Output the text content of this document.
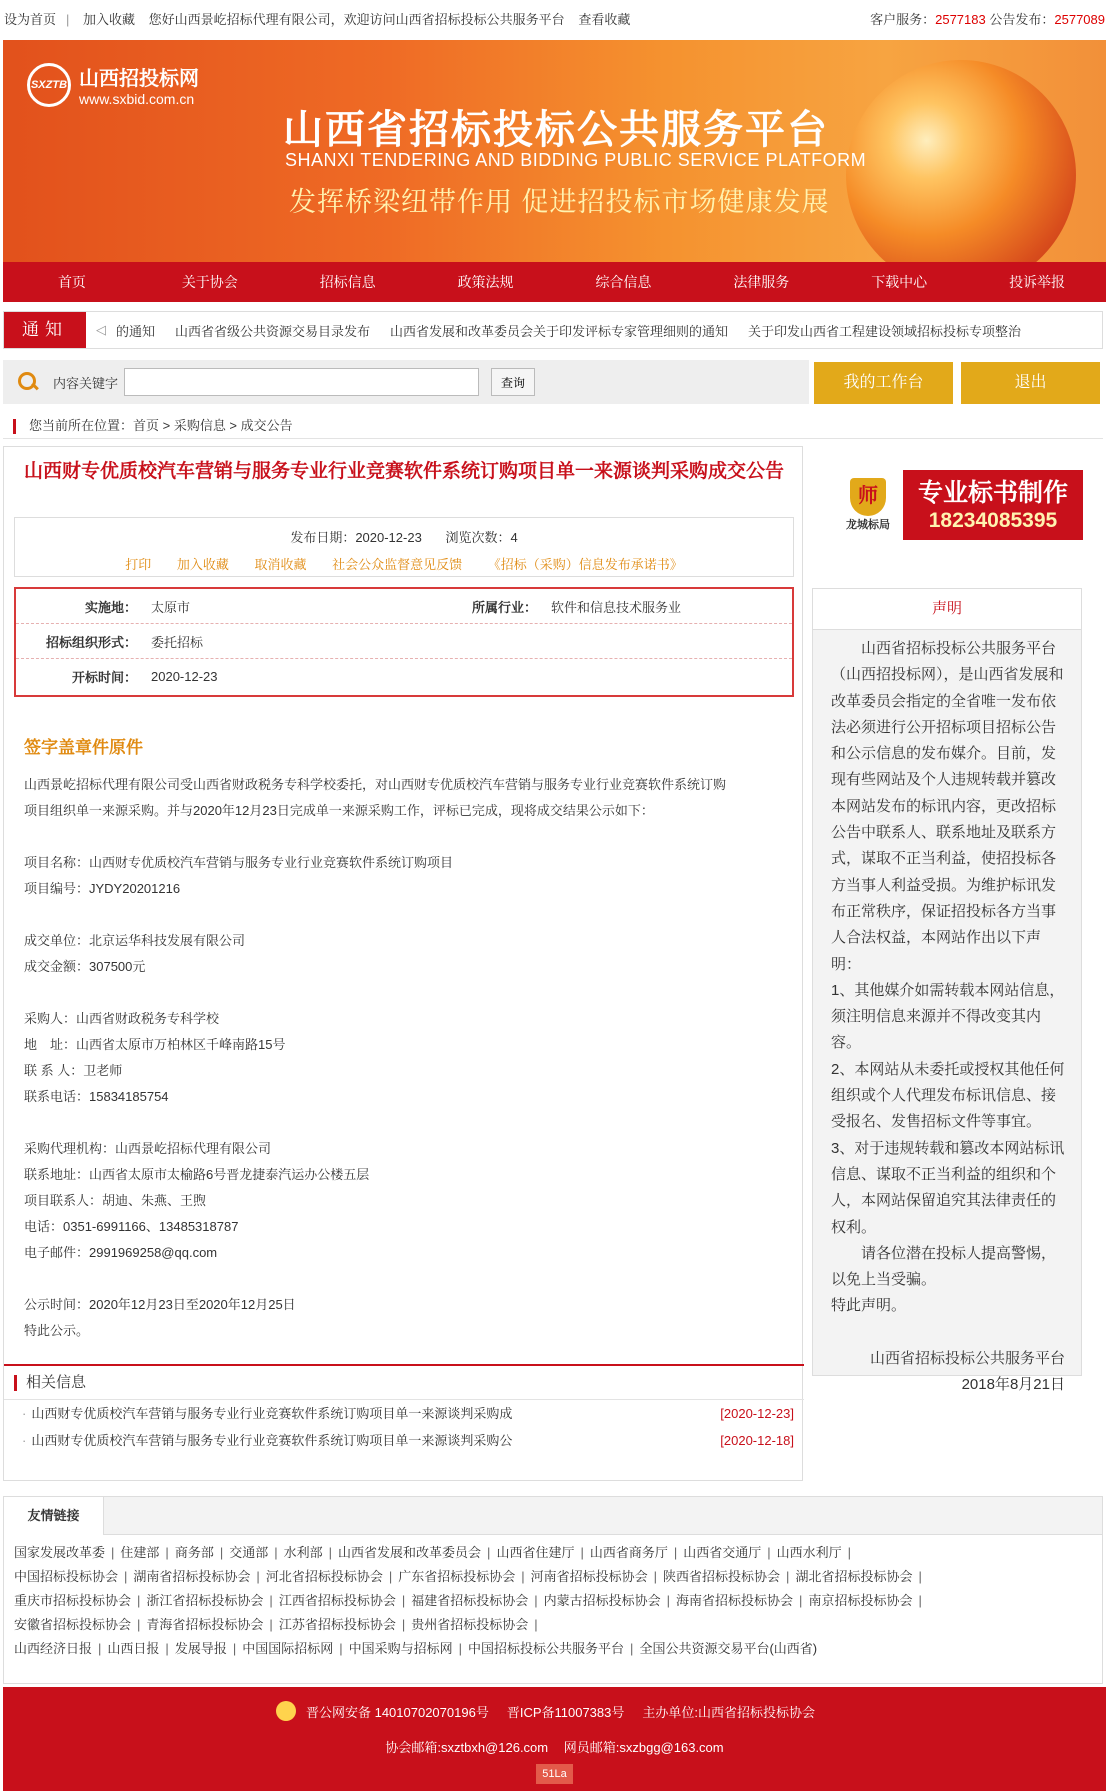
设为首页 | 加入收藏 您好山西景屹招标代理有限公司，欢迎访问山西省招标投标公共服务平台 查看收藏	客户服务：2577183 公告发布：2577089
SXZTB 山西招投标网
www.sxbid.com.cn
山西省招标投标公共服务平台
SHANXI TENDERING AND BIDDING PUBLIC SERVICE PLATFORM
发挥桥梁纽带作用 促进招投标市场健康发展
首页	关于协会	招标信息	政策法规	综合信息	法律服务	下载中心	投诉举报
通知	◁ 的通知 山西省省级公共资源交易目录发布 山西省发展和改革委员会关于印发评标专家管理细则的通知 关于印发山西省工程建设领域招标投标专项整治
内容关键字	查询	我的工作台	退出
您当前所在位置：首页 > 采购信息 > 成交公告
山西财专优质校汽车营销与服务专业行业竞赛软件系统订购项目单一来源谈判采购成交公告
发布日期：2020-12-23 浏览次数：4
打印 加入收藏 取消收藏 社会公众监督意见反馈 《招标（采购）信息发布承诺书》
实施地：	太原市	所属行业：	软件和信息技术服务业
招标组织形式：	委托招标
开标时间：	2020-12-23
签字盖章件原件

山西景屹招标代理有限公司受山西省财政税务专科学校委托，对山西财专优质校汽车营销与服务专业行业竞赛软件系统订购

项目组织单一来源采购。并与2020年12月23日完成单一来源采购工作，评标已完成，现将成交结果公示如下：

项目名称：山西财专优质校汽车营销与服务专业行业竞赛软件系统订购项目

项目编号：JYDY20201216

成交单位：北京运华科技发展有限公司

成交金额：307500元

采购人：山西省财政税务专科学校

地　址：山西省太原市万柏林区千峰南路15号

联 系 人：卫老师

联系电话：15834185754

采购代理机构：山西景屹招标代理有限公司

联系地址：山西省太原市太榆路6号晋龙捷泰汽运办公楼五层

项目联系人：胡迪、朱燕、王煦

电话：0351-6991166、13485318787

电子邮件：2991969258@qq.com

公示时间：2020年12月23日至2020年12月25日

特此公示。

相关信息
· 山西财专优质校汽车营销与服务专业行业竞赛软件系统订购项目单一来源谈判采购成	[2020-12-23]
· 山西财专优质校汽车营销与服务专业行业竞赛软件系统订购项目单一来源谈判采购公	[2020-12-18]
师
龙城标局
专业标书制作
18234085395
声明

山西省招标投标公共服务平台（山西招投标网），是山西省发展和改革委员会指定的全省唯一发布依法必须进行公开招标项目招标公告和公示信息的发布媒介。目前，发现有些网站及个人违规转载并篡改本网站发布的标讯内容，更改招标公告中联系人、联系地址及联系方式，谋取不正当利益，使招投标各方当事人利益受损。为维护标讯发布正常秩序，保证招投标各方当事人合法权益，本网站作出以下声明：

1、其他媒介如需转载本网站信息，须注明信息来源并不得改变其内容。

2、本网站从未委托或授权其他任何组织或个人代理发布标讯信息、接受报名、发售招标文件等事宜。

3、对于违规转载和篡改本网站标讯信息、谋取不正当利益的组织和个人，本网站保留追究其法律责任的权利。

请各位潜在投标人提高警惕，以免上当受骗。

特此声明。

山西省招标投标公共服务平台

2018年8月21日

友情链接
国家发展改革委 | 住建部 | 商务部 | 交通部 | 水利部 | 山西省发展和改革委员会 | 山西省住建厅 | 山西省商务厅 | 山西省交通厅 | 山西水利厅 |
中国招标投标协会 | 湖南省招标投标协会 | 河北省招标投标协会 | 广东省招标投标协会 | 河南省招标投标协会 | 陕西省招标投标协会 | 湖北省招标投标协会 |
重庆市招标投标协会 | 浙江省招标投标协会 | 江西省招标投标协会 | 福建省招标投标协会 | 内蒙古招标投标协会 | 海南省招标投标协会 | 南京招标投标协会 |
安徽省招标投标协会 | 青海省招标投标协会 | 江苏省招标投标协会 | 贵州省招标投标协会 |
山西经济日报 | 山西日报 | 发展导报 | 中国国际招标网 | 中国采购与招标网 | 中国招标投标公共服务平台 | 全国公共资源交易平台(山西省)
晋公网安备 14010702070196号 晋ICP备11007383号 主办单位:山西省招标投标协会
协会邮箱:sxztbxh@126.com 网员邮箱:sxzbgg@163.com
51La
